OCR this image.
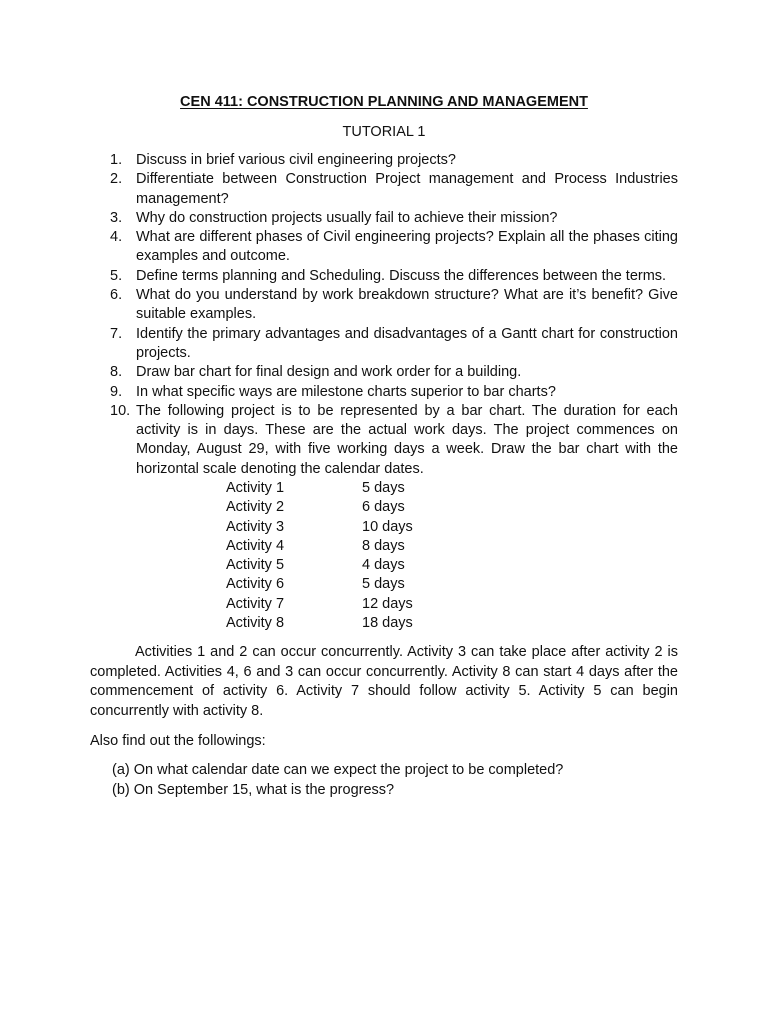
CEN 411: CONSTRUCTION PLANNING AND MANAGEMENT
TUTORIAL 1
1. Discuss in brief various civil engineering projects?
2. Differentiate between Construction Project management and Process Industries management?
3. Why do construction projects usually fail to achieve their mission?
4. What are different phases of Civil engineering projects? Explain all the phases citing examples and outcome.
5. Define terms planning and Scheduling. Discuss the differences between the terms.
6. What do you understand by work breakdown structure? What are it’s benefit? Give suitable examples.
7. Identify the primary advantages and disadvantages of a Gantt chart for construction projects.
8. Draw bar chart for final design and work order for a building.
9. In what specific ways are milestone charts superior to bar charts?
10. The following project is to be represented by a bar chart. The duration for each activity is in days. These are the actual work days. The project commences on Monday, August 29, with five working days a week. Draw the bar chart with the horizontal scale denoting the calendar dates.
Activity 1	5 days
Activity 2	6 days
Activity 3	10 days
Activity 4	8 days
Activity 5	4 days
Activity 6	5 days
Activity 7	12 days
Activity 8	18 days

Activities 1 and 2 can occur concurrently. Activity 3 can take place after activity 2 is completed. Activities 4, 6 and 3 can occur concurrently. Activity 8 can start 4 days after the commencement of activity 6. Activity 7 should follow activity 5. Activity 5 can begin concurrently with activity 8.

Also find out the followings:

(a) On what calendar date can we expect the project to be completed?
(b) On September 15, what is the progress?
